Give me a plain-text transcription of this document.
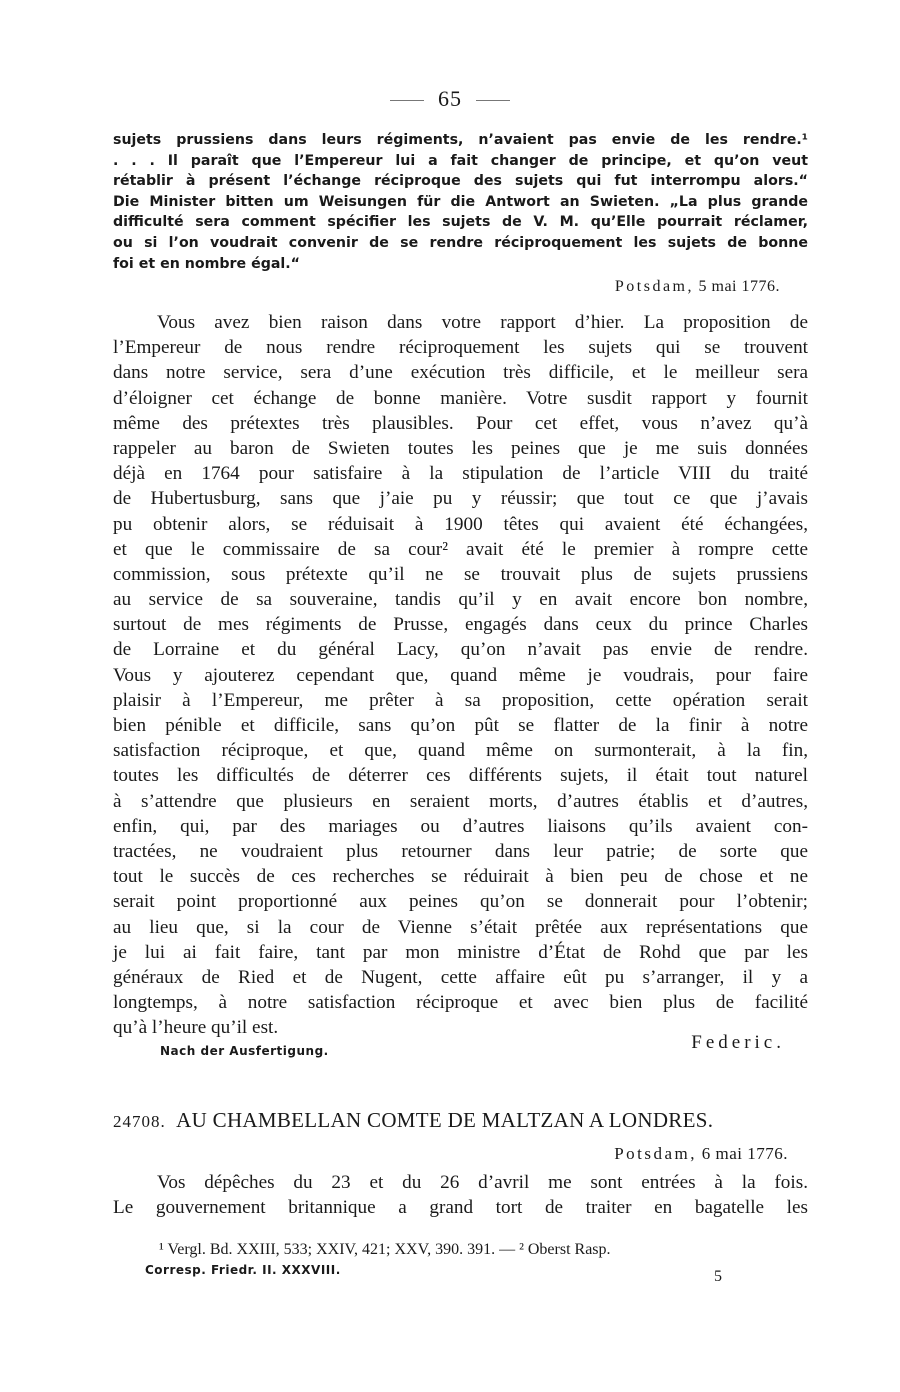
65
sujets prussiens dans leurs régiments, n’avaient pas envie de les rendre.¹
. . . Il paraît que l’Empereur lui a fait changer de principe, et qu’on veut
rétablir à présent l’échange réciproque des sujets qui fut interrompu alors.“
Die Minister bitten um Weisungen für die Antwort an Swieten. „La plus grande
difficulté sera comment spécifier les sujets de V. M. qu’Elle pourrait réclamer,
ou si l’on voudrait convenir de se rendre réciproquement les sujets de bonne
foi et en nombre égal.“
Potsdam, 5 mai 1776.
Vous avez bien raison dans votre rapport d’hier. La proposition de
l’Empereur de nous rendre réciproquement les sujets qui se trouvent
dans notre service, sera d’une exécution très difficile, et le meilleur sera
d’éloigner cet échange de bonne manière. Votre susdit rapport y fournit
même des prétextes très plausibles. Pour cet effet, vous n’avez qu’à
rappeler au baron de Swieten toutes les peines que je me suis données
déjà en 1764 pour satisfaire à la stipulation de l’article VIII du traité
de Hubertusburg, sans que j’aie pu y réussir; que tout ce que j’avais
pu obtenir alors, se réduisait à 1900 têtes qui avaient été échangées,
et que le commissaire de sa cour² avait été le premier à rompre cette
commission, sous prétexte qu’il ne se trouvait plus de sujets prussiens
au service de sa souveraine, tandis qu’il y en avait encore bon nombre,
surtout de mes régiments de Prusse, engagés dans ceux du prince Charles
de Lorraine et du général Lacy, qu’on n’avait pas envie de rendre.
Vous y ajouterez cependant que, quand même je voudrais, pour faire
plaisir à l’Empereur, me prêter à sa proposition, cette opération serait
bien pénible et difficile, sans qu’on pût se flatter de la finir à notre
satisfaction réciproque, et que, quand même on surmonterait, à la fin,
toutes les difficultés de déterrer ces différents sujets, il était tout naturel
à s’attendre que plusieurs en seraient morts, d’autres établis et d’autres,
enfin, qui, par des mariages ou d’autres liaisons qu’ils avaient con-
tractées, ne voudraient plus retourner dans leur patrie; de sorte que
tout le succès de ces recherches se réduirait à bien peu de chose et ne
serait point proportionné aux peines qu’on se donnerait pour l’obtenir;
au lieu que, si la cour de Vienne s’était prêtée aux représentations que
je lui ai fait faire, tant par mon ministre d’État de Rohd que par les
généraux de Ried et de Nugent, cette affaire eût pu s’arranger, il y a
longtemps, à notre satisfaction réciproque et avec bien plus de facilité
qu’à l’heure qu’il est.
Nach der Ausfertigung.	Federic.
24708. AU CHAMBELLAN COMTE DE MALTZAN A LONDRES.
Potsdam, 6 mai 1776.
Vos dépêches du 23 et du 26 d’avril me sont entrées à la fois.
Le gouvernement britannique a grand tort de traiter en bagatelle les
¹ Vergl. Bd. XXIII, 533; XXIV, 421; XXV, 390. 391. — ² Oberst Rasp.
Corresp. Friedr. II. XXXVIII.	5
